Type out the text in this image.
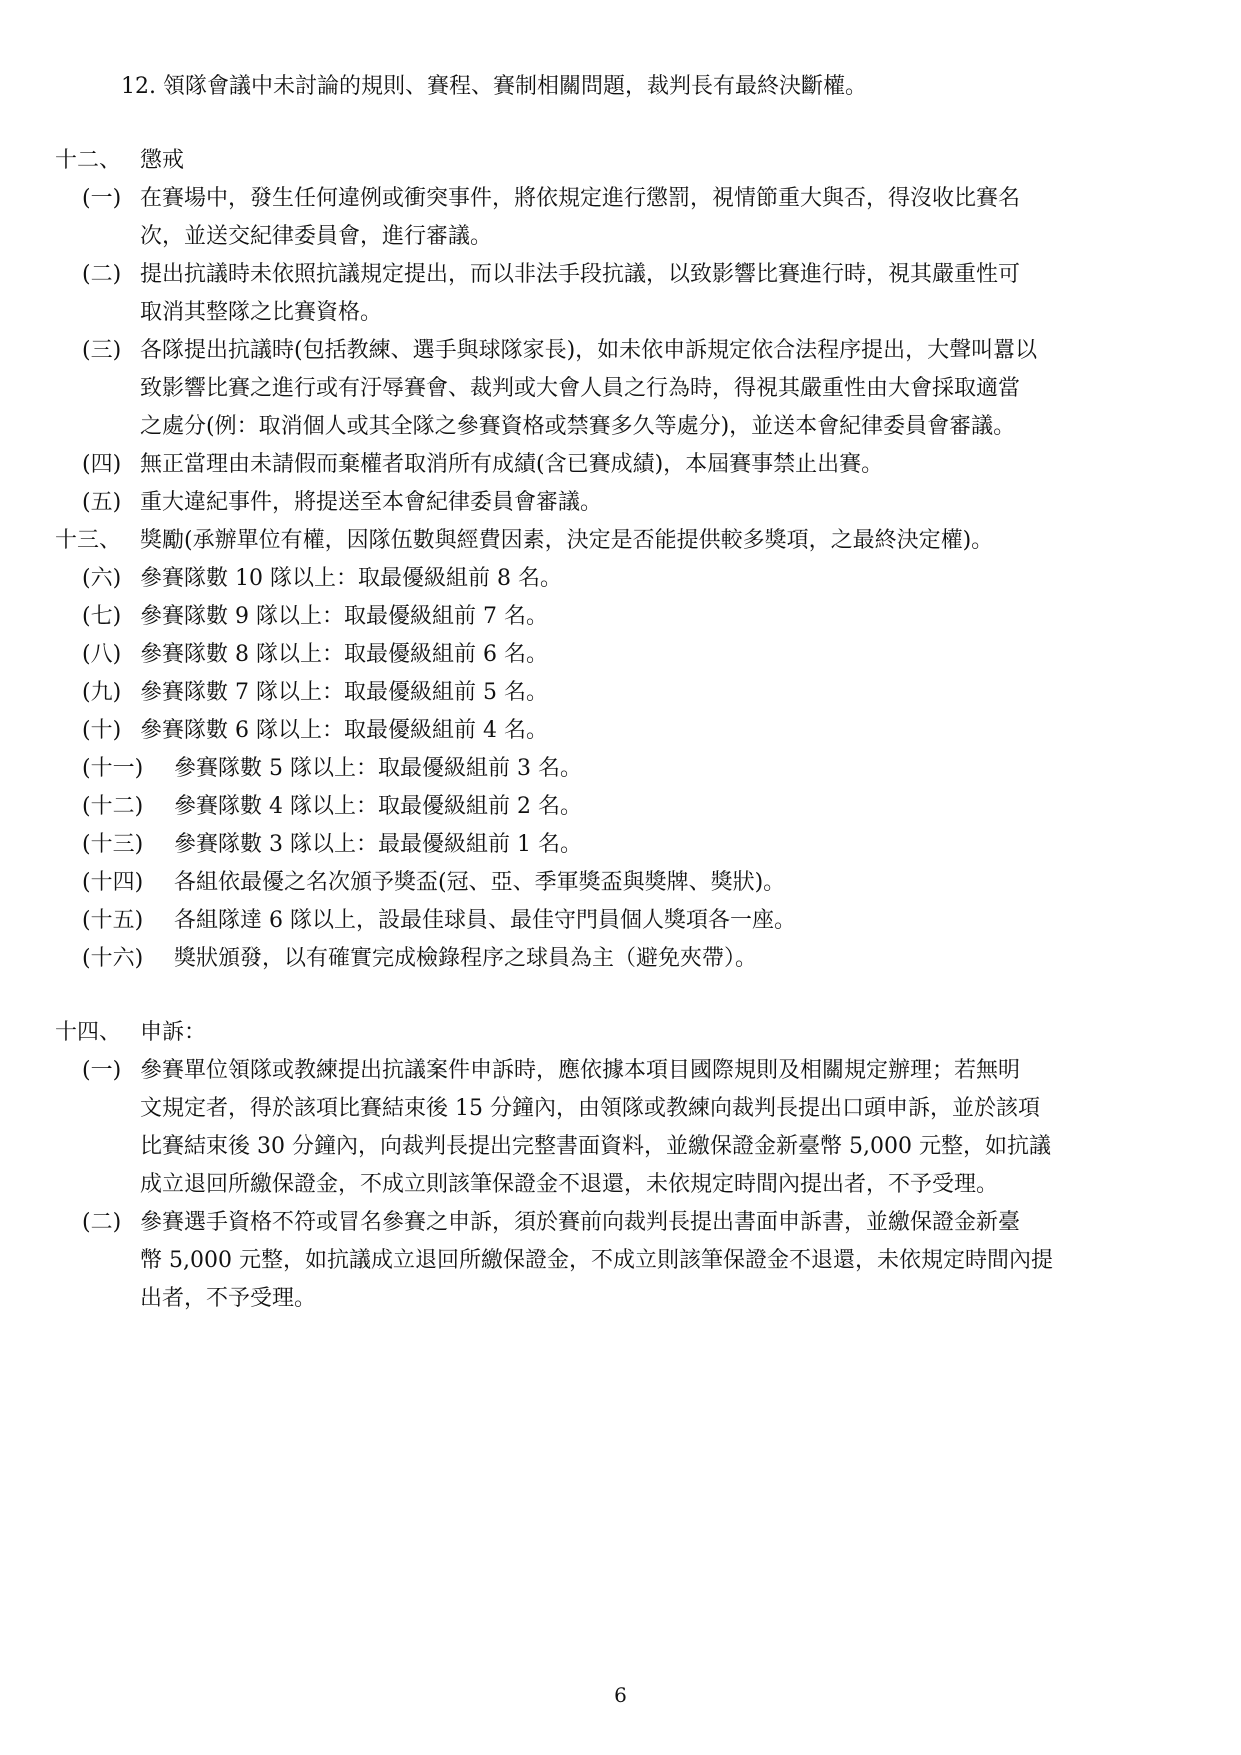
12. 領隊會議中未討論的規則、賽程、賽制相關問題，裁判長有最終決斷權。
十二、 懲戒
(一) 在賽場中，發生任何違例或衝突事件，將依規定進行懲罰，視情節重大與否，得沒收比賽名
次，並送交紀律委員會，進行審議。
(二) 提出抗議時未依照抗議規定提出，而以非法手段抗議，以致影響比賽進行時，視其嚴重性可
取消其整隊之比賽資格。
(三) 各隊提出抗議時(包括教練、選手與球隊家長)，如未依申訴規定依合法程序提出，大聲叫囂以
致影響比賽之進行或有汙辱賽會、裁判或大會人員之行為時，得視其嚴重性由大會採取適當
之處分(例：取消個人或其全隊之參賽資格或禁賽多久等處分)，並送本會紀律委員會審議。
(四) 無正當理由未請假而棄權者取消所有成績(含已賽成績)，本屆賽事禁止出賽。
(五) 重大違紀事件，將提送至本會紀律委員會審議。
十三、 獎勵(承辦單位有權，因隊伍數與經費因素，決定是否能提供較多獎項，之最終決定權)。
(六) 參賽隊數 10 隊以上：取最優級組前 8 名。
(七) 參賽隊數 9 隊以上：取最優級組前 7 名。
(八) 參賽隊數 8 隊以上：取最優級組前 6 名。
(九) 參賽隊數 7 隊以上：取最優級組前 5 名。
(十) 參賽隊數 6 隊以上：取最優級組前 4 名。
(十一) 參賽隊數 5 隊以上：取最優級組前 3 名。
(十二) 參賽隊數 4 隊以上：取最優級組前 2 名。
(十三) 參賽隊數 3 隊以上：最最優級組前 1 名。
(十四) 各組依最優之名次頒予獎盃(冠、亞、季軍獎盃與獎牌、獎狀)。
(十五) 各組隊達 6 隊以上，設最佳球員、最佳守門員個人獎項各一座。
(十六) 獎狀頒發，以有確實完成檢錄程序之球員為主（避免夾帶）。
十四、 申訴：
(一) 參賽單位領隊或教練提出抗議案件申訴時，應依據本項目國際規則及相關規定辦理；若無明
文規定者，得於該項比賽結束後 15 分鐘內，由領隊或教練向裁判長提出口頭申訴，並於該項
比賽結束後 30 分鐘內，向裁判長提出完整書面資料，並繳保證金新臺幣 5,000 元整，如抗議
成立退回所繳保證金，不成立則該筆保證金不退還，未依規定時間內提出者，不予受理。
(二) 參賽選手資格不符或冒名參賽之申訴，須於賽前向裁判長提出書面申訴書，並繳保證金新臺
幣 5,000 元整，如抗議成立退回所繳保證金，不成立則該筆保證金不退還，未依規定時間內提
出者，不予受理。
6
